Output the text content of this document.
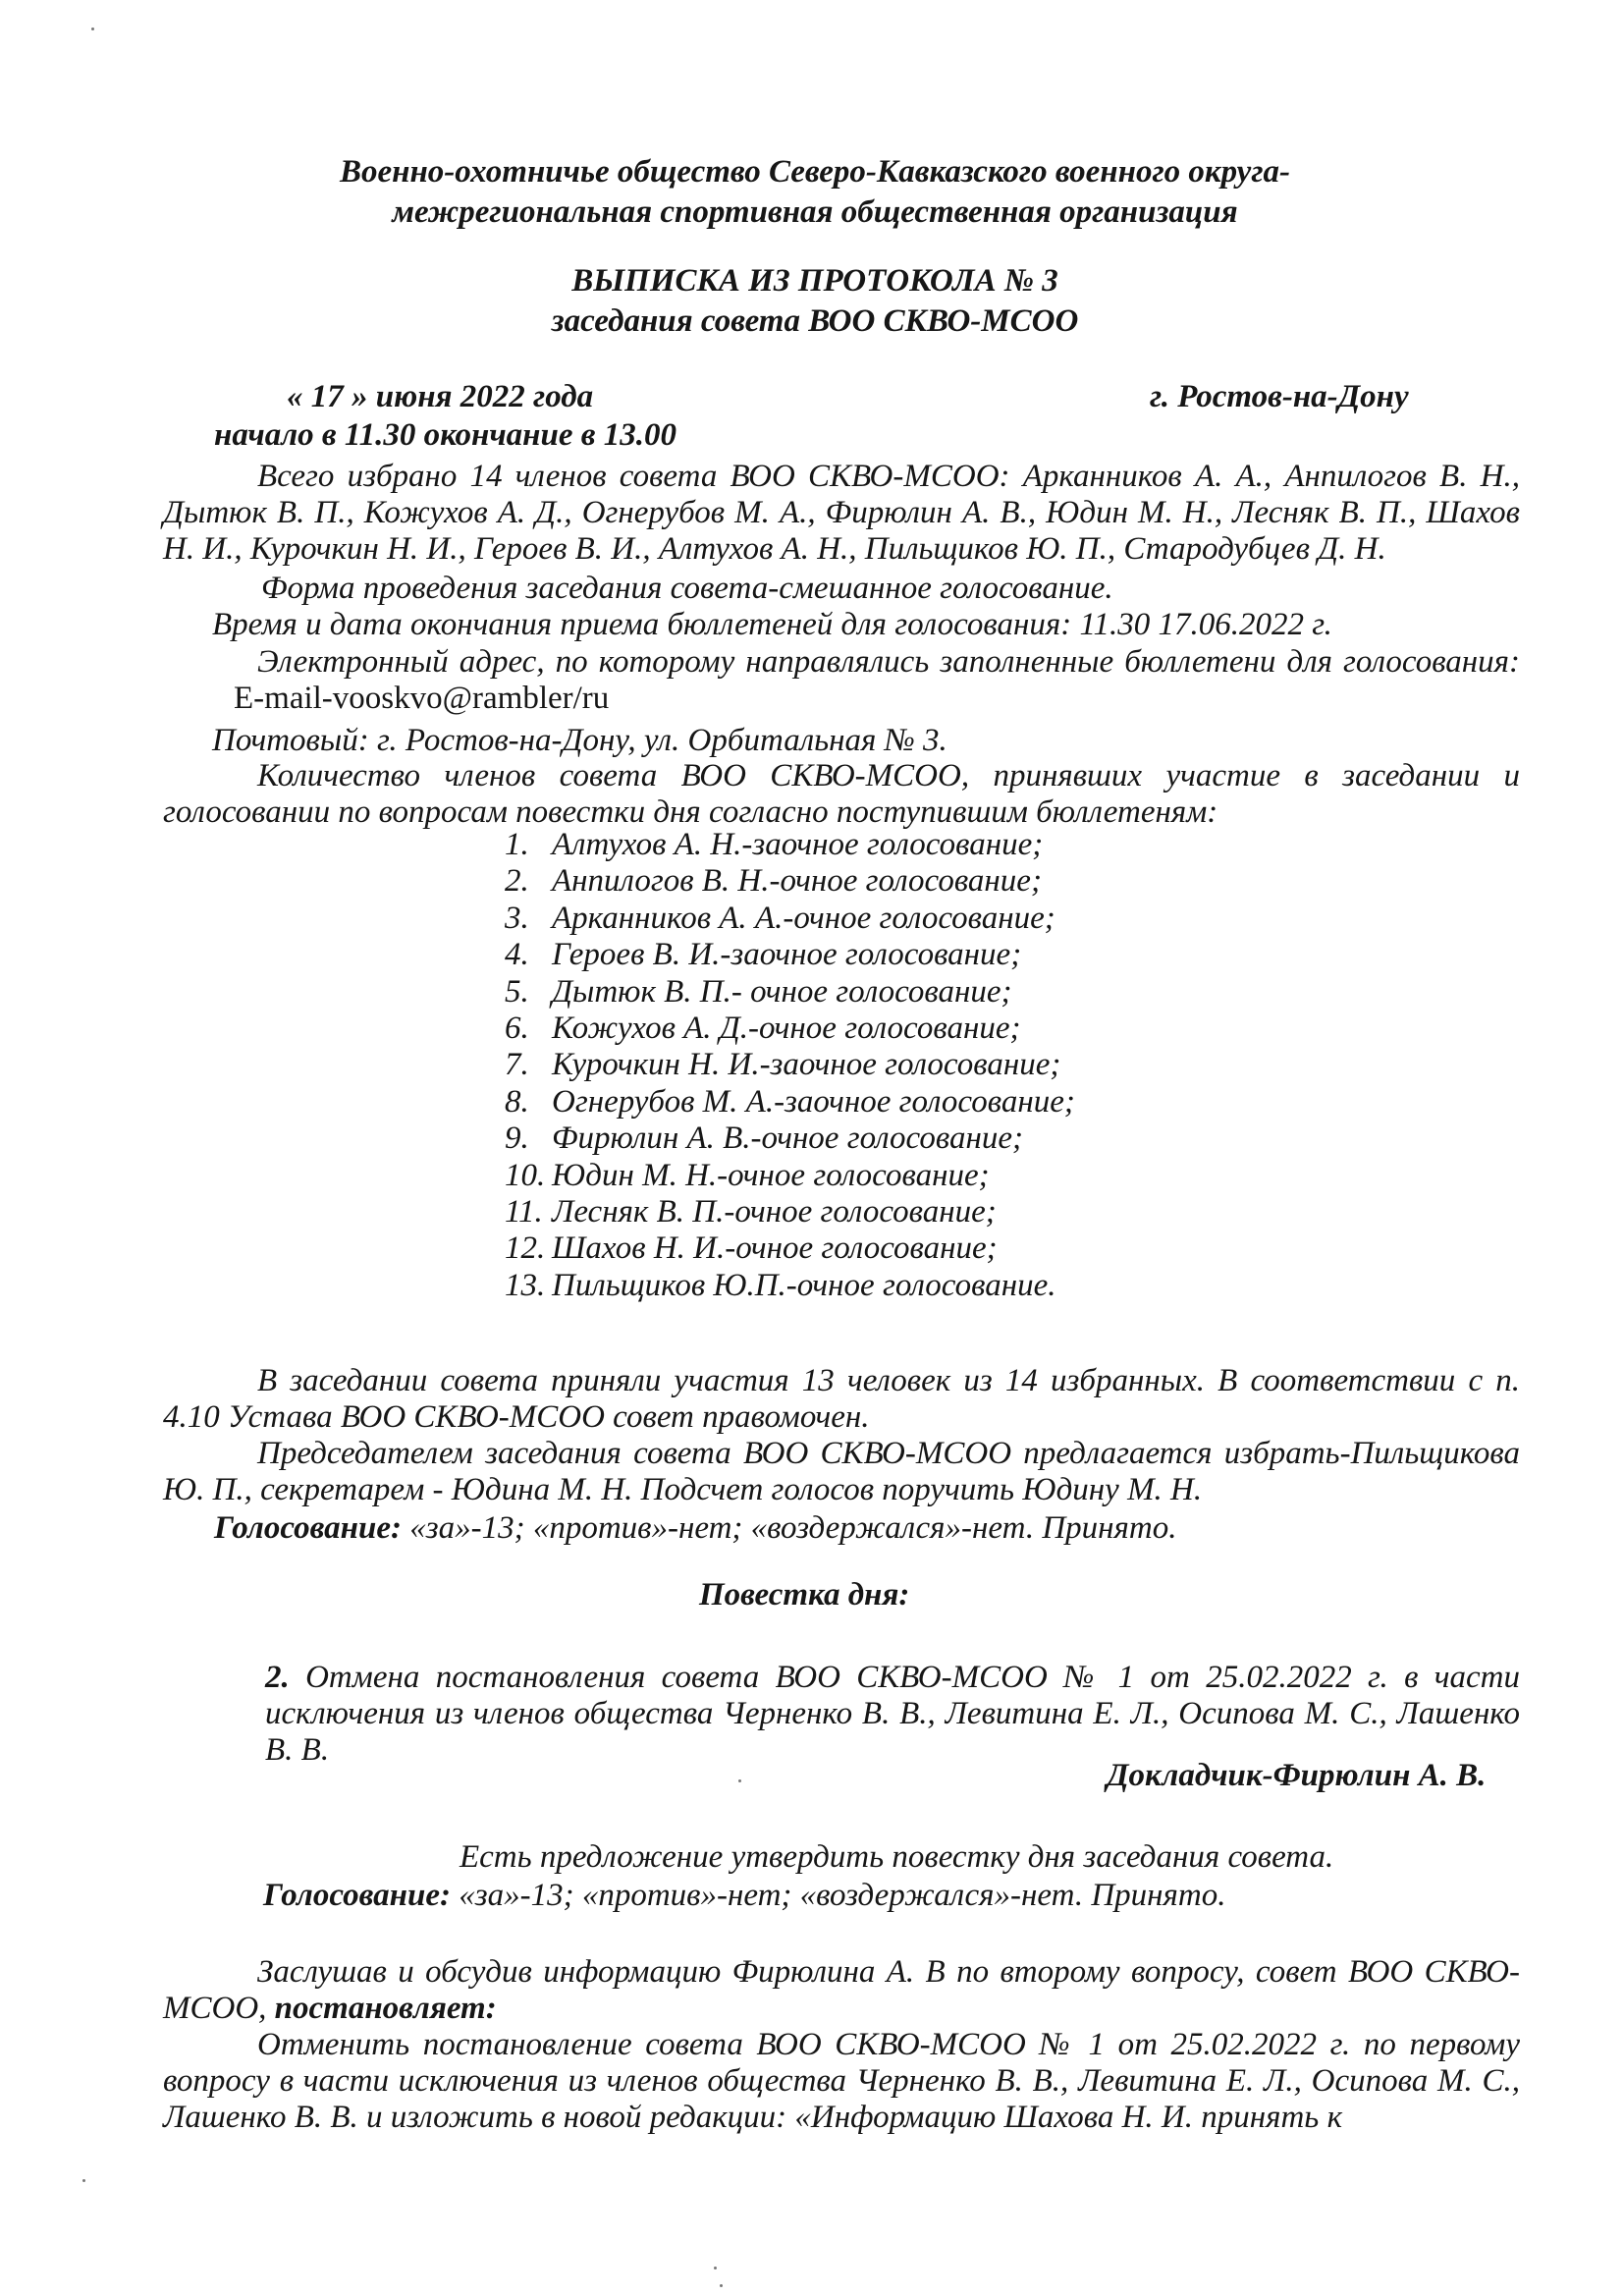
Военно-охотничье общество Северо-Кавказского военного округа-
межрегиональная спортивная общественная организация
ВЫПИСКА ИЗ ПРОТОКОЛА № 3
заседания совета ВОО СКВО-МСОО
« 17 » июня 2022 года	г. Ростов-на-Дону
начало в 11.30 окончание в 13.00
Всего избрано 14 членов совета ВОО СКВО-МСОО: Арканников А. А., Анпилогов В. Н., Дытюк В. П., Кожухов А. Д., Огнерубов М. А., Фирюлин А. В., Юдин М. Н., Лесняк В. П., Шахов Н. И., Курочкин Н. И., Героев В. И., Алтухов А. Н., Пильщиков Ю. П., Стародубцев Д. Н.
Форма проведения заседания совета-смешанное голосование.
Время и дата окончания приема бюллетеней для голосования: 11.30 17.06.2022 г.
Электронный адрес, по которому направлялись заполненные бюллетени для голосования:E-mail-vooskvo@rambler/ru
Почтовый: г. Ростов-на-Дону, ул. Орбитальная № 3.
Количество членов совета ВОО СКВО-МСОО, принявших участие в заседании и голосовании по вопросам повестки дня согласно поступившим бюллетеням:
1. Алтухов А. Н.-заочное голосование;
2. Анпилогов В. Н.-очное голосование;
3. Арканников А. А.-очное голосование;
4. Героев В. И.-заочное голосование;
5. Дытюк В. П.- очное голосование;
6. Кожухов А. Д.-очное голосование;
7. Курочкин Н. И.-заочное голосование;
8. Огнерубов М. А.-заочное голосование;
9. Фирюлин А. В.-очное голосование;
10. Юдин М. Н.-очное голосование;
11. Лесняк В. П.-очное голосование;
12. Шахов Н. И.-очное голосование;
13. Пильщиков Ю.П.-очное голосование.
В заседании совета приняли участия 13 человек из 14 избранных. В соответствии с п. 4.10 Устава ВОО СКВО-МСОО совет правомочен.
Председателем заседания совета ВОО СКВО-МСОО предлагается избрать-Пильщикова Ю. П., секретарем - Юдина М. Н. Подсчет голосов поручить Юдину М. Н.
Голосование: «за»-13; «против»-нет; «воздержался»-нет. Принято.
Повестка дня:
2. Отмена постановления совета ВОО СКВО-МСОО № 1 от 25.02.2022 г. в части исключения из членов общества Черненко В. В., Левитина Е. Л., Осипова М. С., Лашенко В. В.
Докладчик-Фирюлин А. В.
Есть предложение утвердить повестку дня заседания совета.
Голосование: «за»-13; «против»-нет; «воздержался»-нет. Принято.
Заслушав и обсудив информацию Фирюлина А. В по второму вопросу, совет ВОО СКВО-МСОО, постановляет:
Отменить постановление совета ВОО СКВО-МСОО № 1 от 25.02.2022 г. по первому вопросу в части исключения из членов общества Черненко В. В., Левитина Е. Л., Осипова М. С., Лашенко В. В. и изложить в новой редакции: «Информацию Шахова Н. И. принять к
